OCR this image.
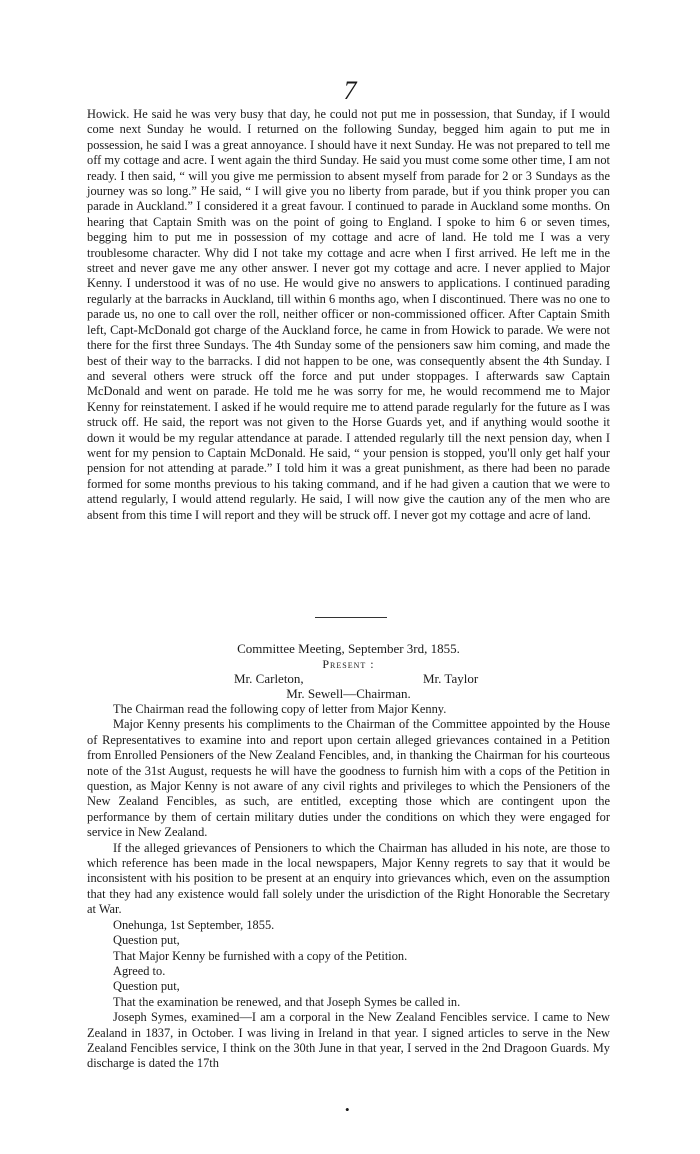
7

Howick. He said he was very busy that day, he could not put me in possession, that Sunday, if I would come next Sunday he would. I returned on the following Sunday, begged him again to put me in possession, he said I was a great annoyance. I should have it next Sunday. He was not prepared to tell me off my cottage and acre. I went again the third Sunday. He said you must come some other time, I am not ready. I then said, “ will you give me permission to absent myself from parade for 2 or 3 Sundays as the journey was so long.” He said, “ I will give you no liberty from parade, but if you think proper you can parade in Auckland.” I considered it a great favour. I continued to parade in Auckland some months. On hearing that Captain Smith was on the point of going to England. I spoke to him 6 or seven times, begging him to put me in possession of my cottage and acre of land. He told me I was a very troublesome character. Why did I not take my cottage and acre when I first arrived. He left me in the street and never gave me any other answer. I never got my cottage and acre. I never applied to Major Kenny. I understood it was of no use. He would give no answers to applications. I continued parading regularly at the barracks in Auckland, till within 6 months ago, when I discontinued. There was no one to parade us, no one to call over the roll, neither officer or non-commissioned officer. After Captain Smith left, Capt-McDonald got charge of the Auckland force, he came in from Howick to parade. We were not there for the first three Sundays. The 4th Sunday some of the pensioners saw him coming, and made the best of their way to the barracks. I did not happen to be one, was consequently absent the 4th Sunday. I and several others were struck off the force and put under stoppages. I afterwards saw Captain McDonald and went on parade. He told me he was sorry for me, he would recommend me to Major Kenny for reinstatement. I asked if he would require me to attend parade regularly for the future as I was struck off. He said, the report was not given to the Horse Guards yet, and if anything would soothe it down it would be my regular attendance at parade. I attended regularly till the next pension day, when I went for my pension to Captain McDonald. He said, “ your pension is stopped, you'll only get half your pension for not attending at parade.” I told him it was a great punishment, as there had been no parade formed for some months previous to his taking command, and if he had given a caution that we were to attend regularly, I would attend regularly. He said, I will now give the caution any of the men who are absent from this time I will report and they will be struck off. I never got my cottage and acre of land.

Committee Meeting, September 3rd, 1855.
Present :
Mr. Carleton,	Mr. Taylor
Mr. Sewell—Chairman.

The Chairman read the following copy of letter from Major Kenny.

Major Kenny presents his compliments to the Chairman of the Committee appointed by the House of Representatives to examine into and report upon certain alleged grievances contained in a Petition from Enrolled Pensioners of the New Zealand Fencibles, and, in thanking the Chairman for his courteous note of the 31st August, requests he will have the goodness to furnish him with a cops of the Petition in question, as Major Kenny is not aware of any civil rights and privileges to which the Pensioners of the New Zealand Fencibles, as such, are entitled, excepting those which are contingent upon the performance by them of certain military duties under the conditions on which they were engaged for service in New Zealand.

If the alleged grievances of Pensioners to which the Chairman has alluded in his note, are those to which reference has been made in the local newspapers, Major Kenny regrets to say that it would be inconsistent with his position to be present at an enquiry into grievances which, even on the assumption that they had any existence would fall solely under the urisdiction of the Right Honorable the Secretary at War.

Onehunga, 1st September, 1855.

Question put,

That Major Kenny be furnished with a copy of the Petition.

Agreed to.

Question put,

That the examination be renewed, and that Joseph Symes be called in.

Joseph Symes, examined—I am a corporal in the New Zealand Fencibles service. I came to New Zealand in 1837, in October. I was living in Ireland in that year. I signed articles to serve in the New Zealand Fencibles service, I think on the 30th June in that year, I served in the 2nd Dragoon Guards. My discharge is dated the 17th

•
